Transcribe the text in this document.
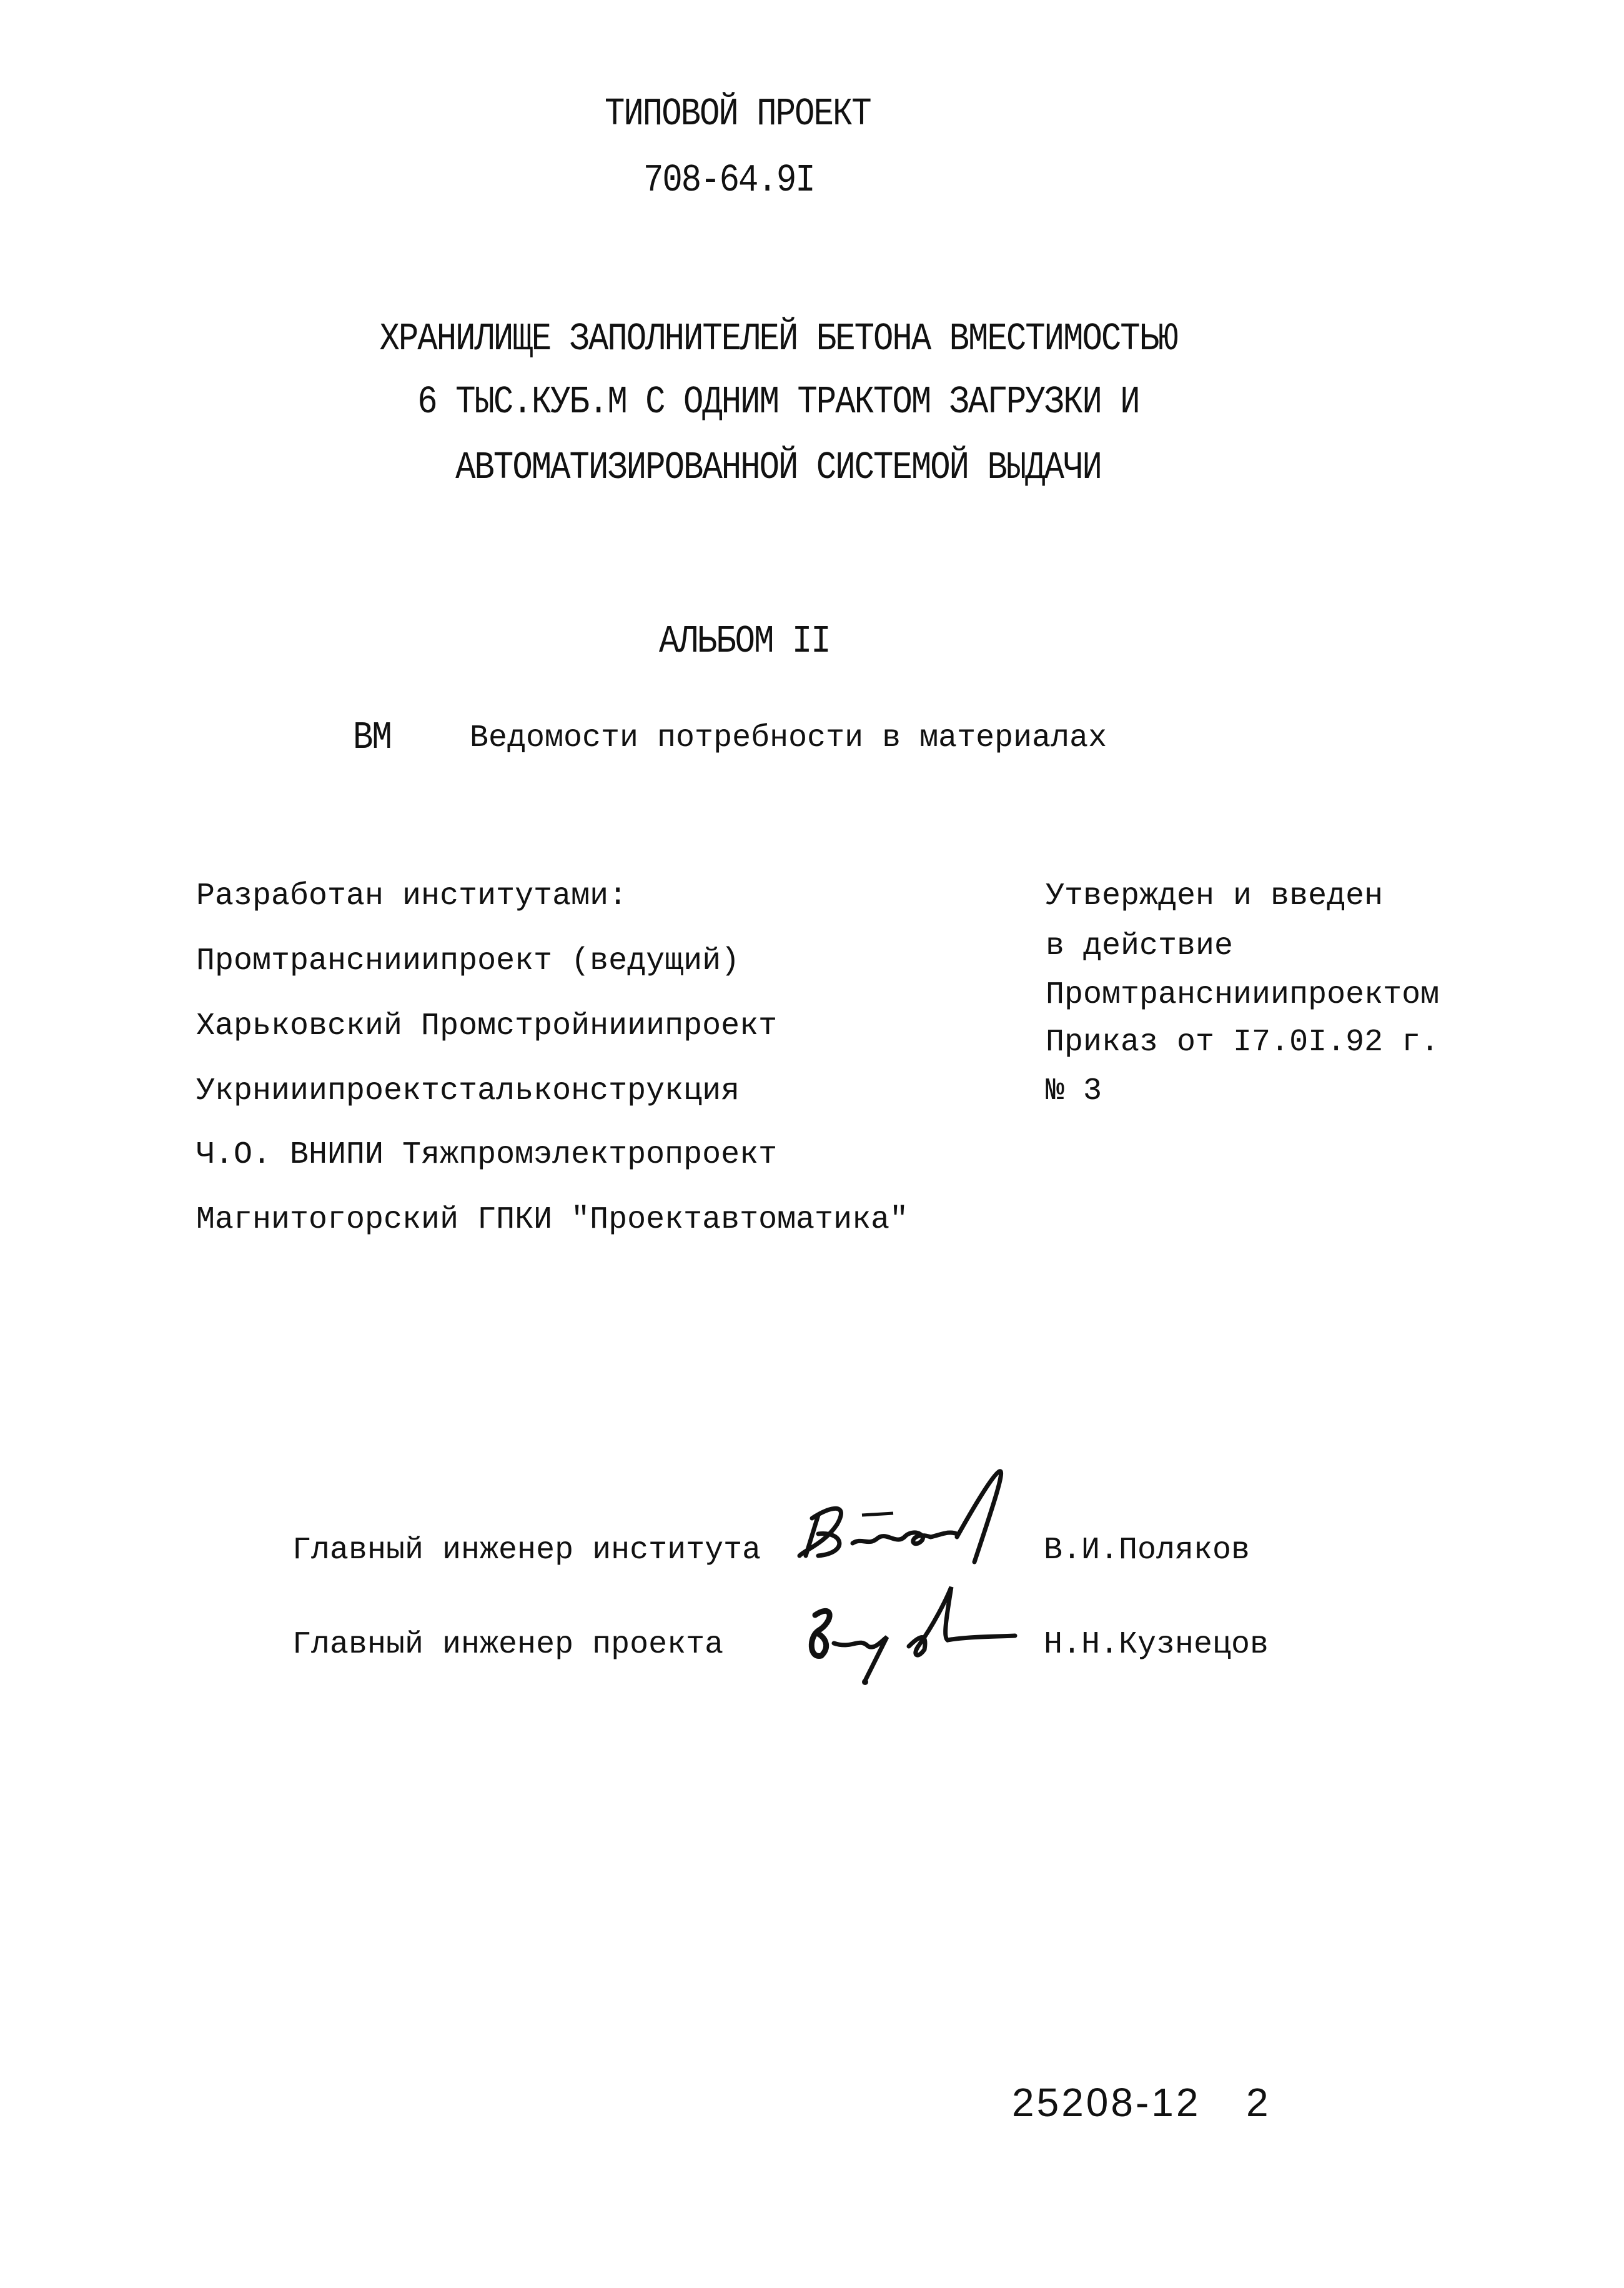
ТИПОВОЙ ПРОЕКТ
708-64.9I
ХРАНИЛИЩЕ ЗАПОЛНИТЕЛЕЙ БЕТОНА ВМЕСТИМОСТЬЮ
6 ТЫС.КУБ.М С ОДНИМ ТРАКТОМ ЗАГРУЗКИ И
АВТОМАТИЗИРОВАННОЙ СИСТЕМОЙ ВЫДАЧИ
АЛЬБОМ II
ВМ	Ведомости потребности в материалах
Разработан институтами:
Промтранснииипроект (ведущий)
Харьковский Промстройнииипроект
Укрнииипроектстальконструкция
Ч.О. ВНИПИ Тяжпромэлектропроект
Магнитогорский ГПКИ "Проектавтоматика"
Утвержден и введен
в действие
Промтранснииипроектом
Приказ от I7.0I.92 г.
№ 3
Главный инженер института	В.И.Поляков
Главный инженер проекта	Н.Н.Кузнецов
25208-12 2
